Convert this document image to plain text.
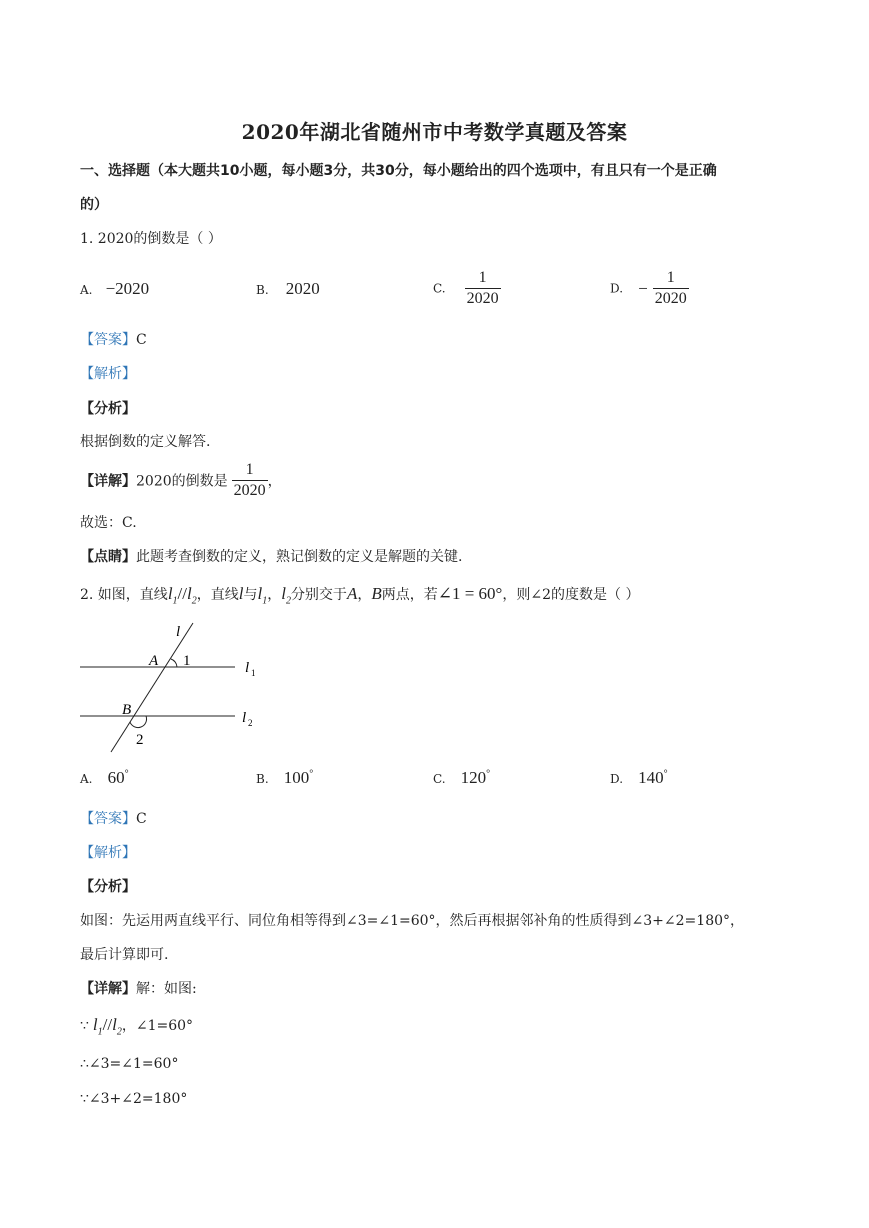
2020年湖北省随州市中考数学真题及答案
一、选择题（本大题共10小题，每小题3分，共30分，每小题给出的四个选项中，有且只有一个是正确
的）
1. 2020的倒数是（ ）
A. −2020	B. 2020	C. $\frac{1}{2020}$	D. − $\frac{1}{2020}$
【答案】C
【解析】
【分析】
根据倒数的定义解答.
【详解】2020的倒数是 $\frac{1}{2020}$ ，
故选：C.
【点睛】此题考查倒数的定义，熟记倒数的定义是解题的关键.
2. 如图，直线$l_1//l_2$，直线l与$l_1$，$l_2$分别交于A，B两点，若∠1 = 60°，则∠2的度数是（ ）
l
A 1	l 1
B	l 2
2
A. 60°	B. 100°	C. 120°	D. 140°
【答案】C
【解析】
【分析】
如图：先运用两直线平行、同位角相等得到∠3=∠1=60°，然后再根据邻补角的性质得到∠3+∠2=180°，
最后计算即可.
【详解】解：如图:
∵ $l_1//l_2$，∠1=60°
∴∠3=∠1=60°
∵∠3+∠2=180°
